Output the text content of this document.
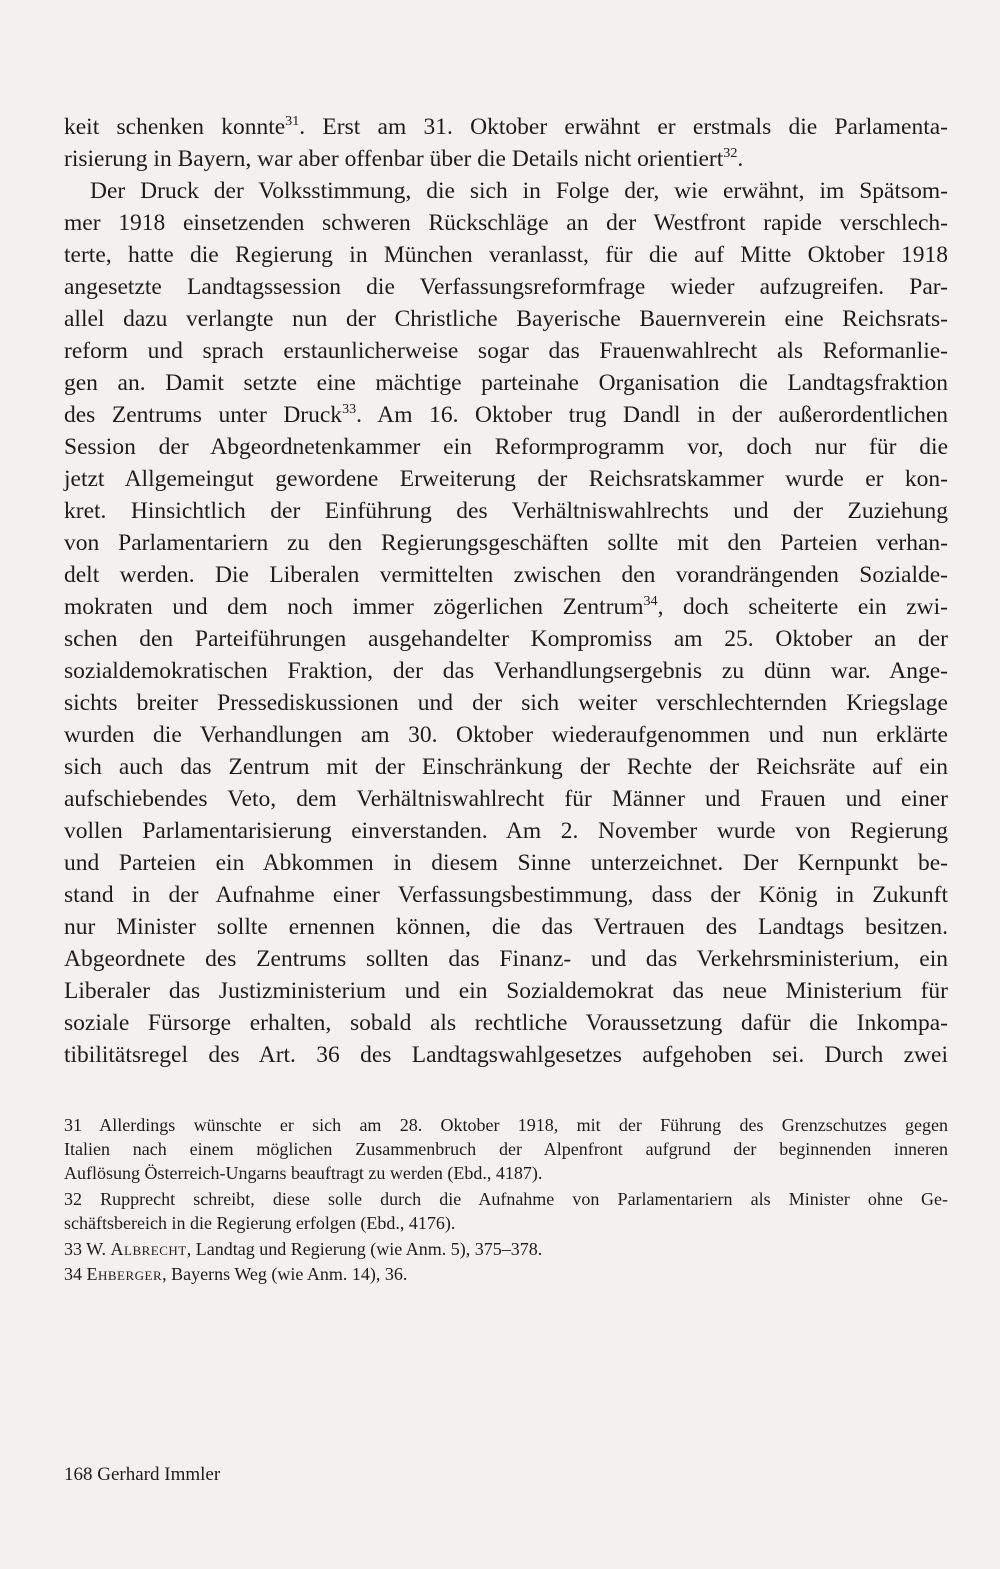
keit schenken konnte$^{31}$. Erst am 31. Oktober erwähnt er erstmals die Parlamenta-
risierung in Bayern, war aber offenbar über die Details nicht orientiert$^{32}$.
Der Druck der Volksstimmung, die sich in Folge der, wie erwähnt, im Spätsom-
mer 1918 einsetzenden schweren Rückschläge an der Westfront rapide verschlech-
terte, hatte die Regierung in München veranlasst, für die auf Mitte Oktober 1918
angesetzte Landtagssession die Verfassungsreformfrage wieder aufzugreifen. Par-
allel dazu verlangte nun der Christliche Bayerische Bauernverein eine Reichsrats-
reform und sprach erstaunlicherweise sogar das Frauenwahlrecht als Reformanlie-
gen an. Damit setzte eine mächtige parteinahe Organisation die Landtagsfraktion
des Zentrums unter Druck$^{33}$. Am 16. Oktober trug Dandl in der außerordentlichen
Session der Abgeordnetenkammer ein Reformprogramm vor, doch nur für die
jetzt Allgemeingut gewordene Erweiterung der Reichsratskammer wurde er kon-
kret. Hinsichtlich der Einführung des Verhältniswahlrechts und der Zuziehung
von Parlamentariern zu den Regierungsgeschäften sollte mit den Parteien verhan-
delt werden. Die Liberalen vermittelten zwischen den vorandrängenden Sozialde-
mokraten und dem noch immer zögerlichen Zentrum$^{34}$, doch scheiterte ein zwi-
schen den Parteiführungen ausgehandelter Kompromiss am 25. Oktober an der
sozialdemokratischen Fraktion, der das Verhandlungsergebnis zu dünn war. Ange-
sichts breiter Pressediskussionen und der sich weiter verschlechternden Kriegslage
wurden die Verhandlungen am 30. Oktober wiederaufgenommen und nun erklärte
sich auch das Zentrum mit der Einschränkung der Rechte der Reichsräte auf ein
aufschiebendes Veto, dem Verhältniswahlrecht für Männer und Frauen und einer
vollen Parlamentarisierung einverstanden. Am 2. November wurde von Regierung
und Parteien ein Abkommen in diesem Sinne unterzeichnet. Der Kernpunkt be-
stand in der Aufnahme einer Verfassungsbestimmung, dass der König in Zukunft
nur Minister sollte ernennen können, die das Vertrauen des Landtags besitzen.
Abgeordnete des Zentrums sollten das Finanz- und das Verkehrsministerium, ein
Liberaler das Justizministerium und ein Sozialdemokrat das neue Ministerium für
soziale Fürsorge erhalten, sobald als rechtliche Voraussetzung dafür die Inkompa-
tibilitätsregel des Art. 36 des Landtagswahlgesetzes aufgehoben sei. Durch zwei
31 Allerdings wünschte er sich am 28. Oktober 1918, mit der Führung des Grenzschutzes gegen
Italien nach einem möglichen Zusammenbruch der Alpenfront aufgrund der beginnenden inneren
Auflösung Österreich-Ungarns beauftragt zu werden (Ebd., 4187).
32 Rupprecht schreibt, diese solle durch die Aufnahme von Parlamentariern als Minister ohne Ge-
schäftsbereich in die Regierung erfolgen (Ebd., 4176).
33 W. Albrecht, Landtag und Regierung (wie Anm. 5), 375–378.
34 Ehberger, Bayerns Weg (wie Anm. 14), 36.
168 Gerhard Immler
